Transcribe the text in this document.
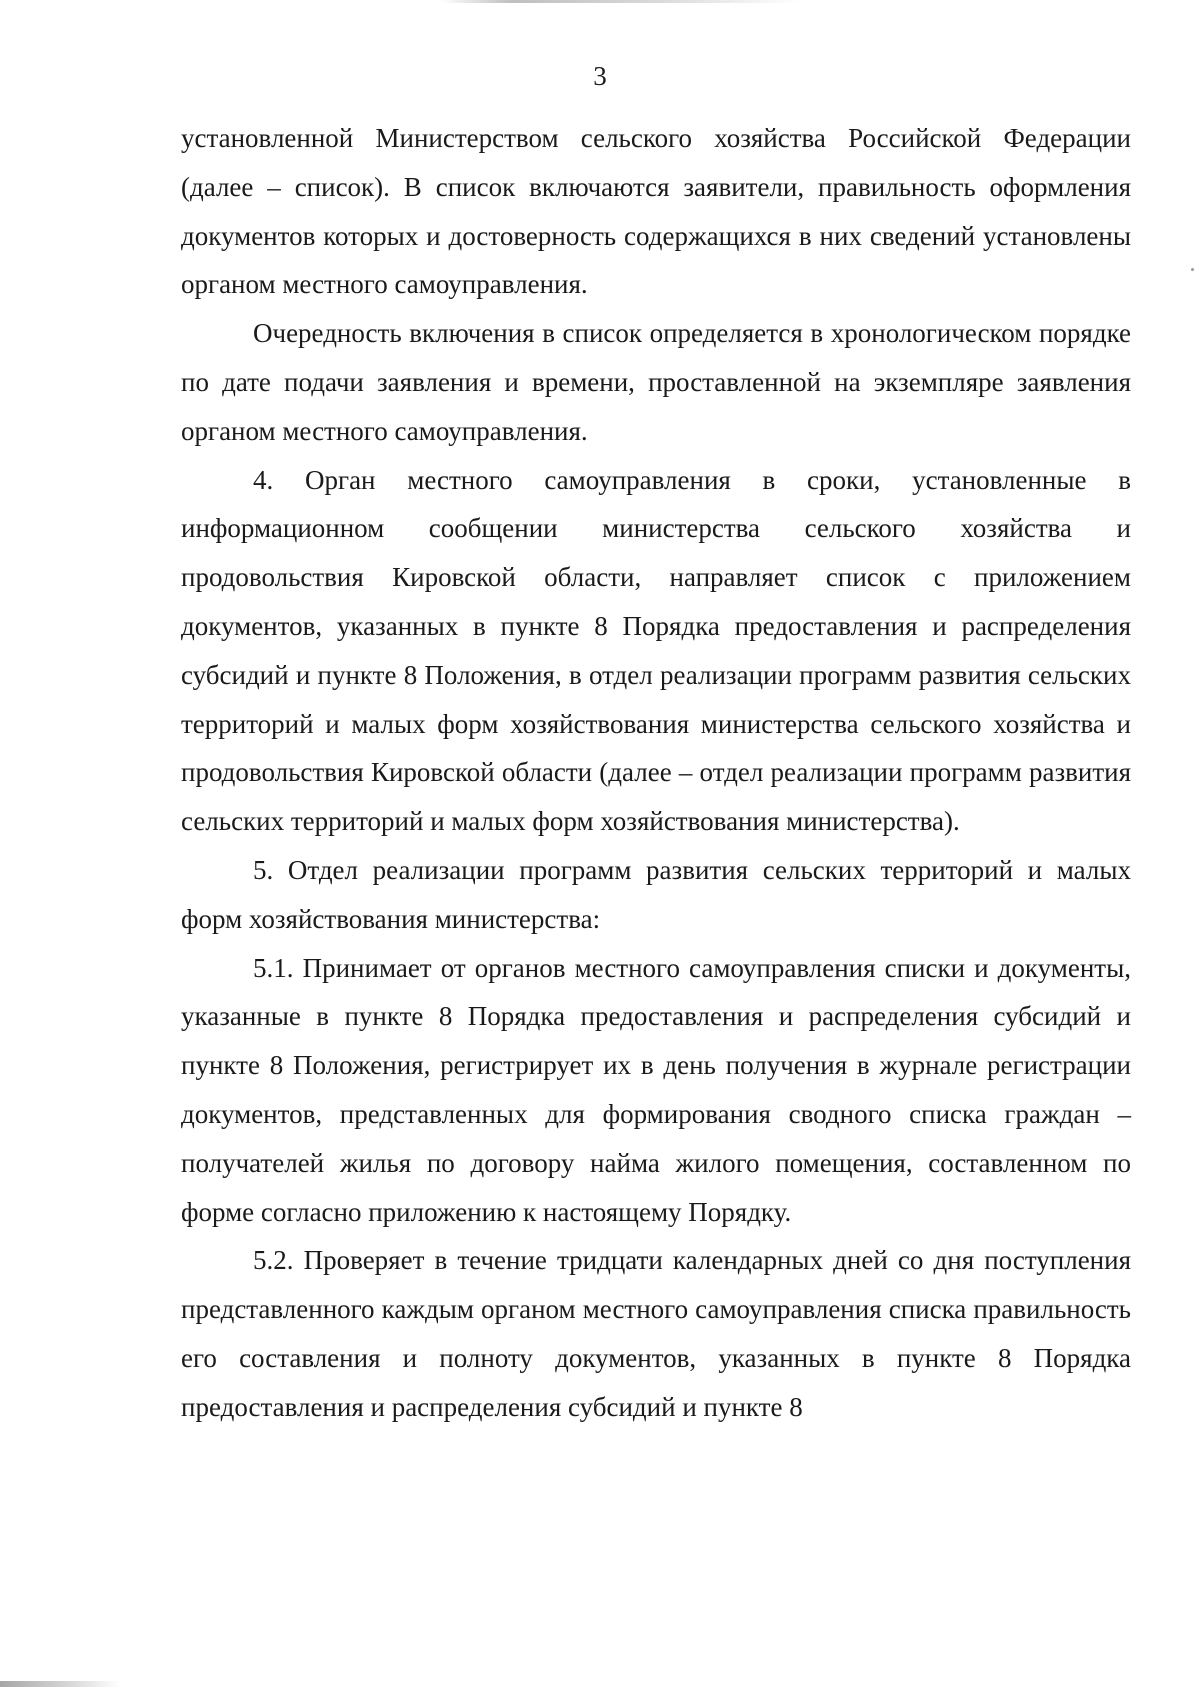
3

установленной Министерством сельского хозяйства Российской Федерации (далее – список). В список включаются заявители, правильность оформления документов которых и достоверность содержащихся в них сведений установлены органом местного самоуправления.

Очередность включения в список определяется в хронологическом порядке по дате подачи заявления и времени, проставленной на экземпляре заявления органом местного самоуправления.

4. Орган местного самоуправления в сроки, установленные в информационном сообщении министерства сельского хозяйства и продовольствия Кировской области, направляет список с приложением документов, указанных в пункте 8 Порядка предоставления и распределения субсидий и пункте 8 Положения, в отдел реализации программ развития сельских территорий и малых форм хозяйствования министерства сельского хозяйства и продовольствия Кировской области (далее – отдел реализации программ развития сельских территорий и малых форм хозяйствования министерства).

5. Отдел реализации программ развития сельских территорий и малых форм хозяйствования министерства:

5.1. Принимает от органов местного самоуправления списки и документы, указанные в пункте 8 Порядка предоставления и распределения субсидий и пункте 8 Положения, регистрирует их в день получения в журнале регистрации документов, представленных для формирования сводного списка граждан – получателей жилья по договору найма жилого помещения, составленном по форме согласно приложению к настоящему Порядку.

5.2. Проверяет в течение тридцати календарных дней со дня поступления представленного каждым органом местного самоуправления списка правильность его составления и полноту документов, указанных в пункте 8 Порядка предоставления и распределения субсидий и пункте 8
